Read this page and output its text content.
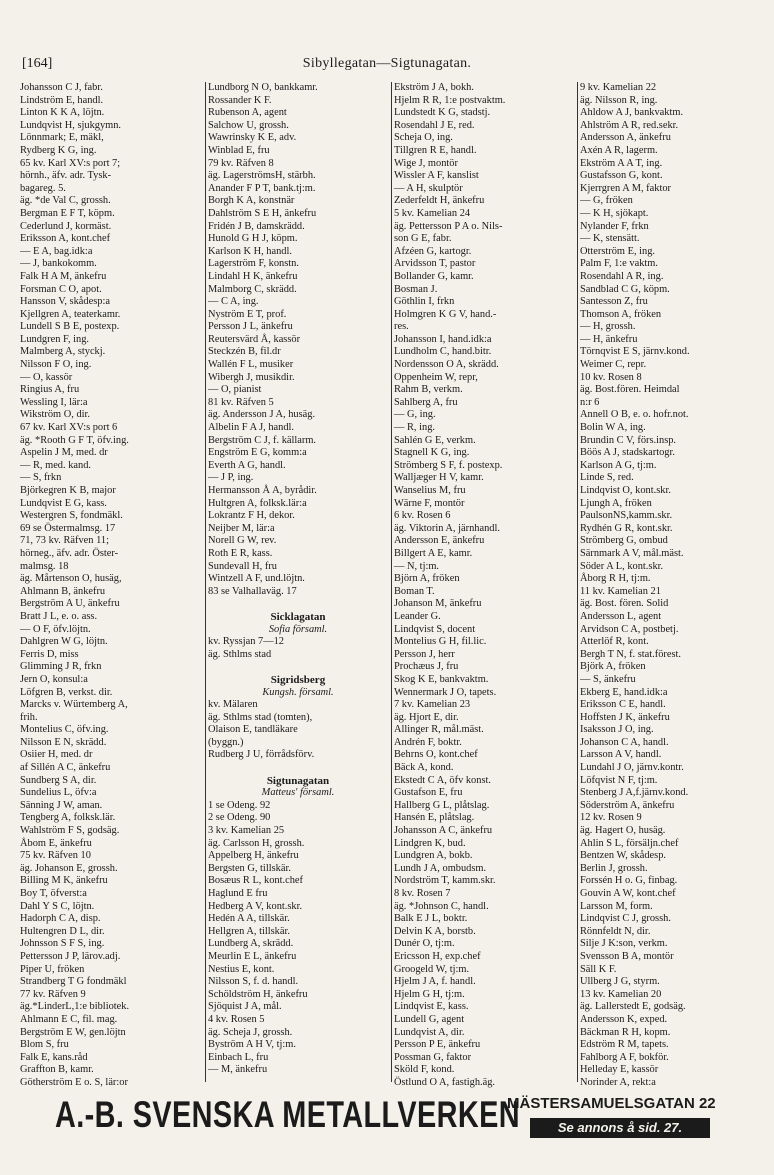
[164]	Sibyllegatan—Sigtunagatan.
Johansson C J, fabr.
Lindström E, handl.
Linton K K A, löjtn.
Lundqvist H, sjukgymn.
Lönnmark; E, mäkl,
Rydberg K G, ing.
65 kv. Karl XV:s port 7;
hörnh., äfv. adr. Tysk-
bagareg. 5.
äg. *de Val C, grossh.
Bergman E F T, köpm.
Cederlund J, kormäst.
Eriksson A, kont.chef
— E A, bag.idk:a
— J, bankokomm.
Falk H A M, änkefru
Forsman C O, apot.
Hansson V, skådesp:a
Kjellgren A, teaterkamr.
Lundell S B E, postexp.
Lundgren F, ing.
Malmberg A, styckj.
Nilsson F O, ing.
— O, kassör
Ringius A, fru
Wessling I, lär:a
Wikström O, dir.
67 kv. Karl XV:s port 6
äg. *Rooth G F T, öfv.ing.
Aspelin J M, med. dr
— R, med. kand.
— S, frkn
Björkegren K B, major
Lundqvist E G, kass.
Westergren S, fondmäkl.
69 se Östermalmsg. 17
71, 73 kv. Räfven 11;
hörneg., äfv. adr. Öster-
malmsg. 18
äg. Mårtenson O, husäg,
Ahlmann B, änkefru
Bergström A U, änkefru
Bratt J L, e. o. ass.
— O F, öfv.löjtn.
Dahlgren W G, löjtn.
Ferris D, miss
Glimming J R, frkn
Jern O, konsul:a
Löfgren B, verkst. dir.
Marcks v. Würtemberg A,
frih.
Montelius C, öfv.ing.
Nilsson E N, skrädd.
Osiier H, med. dr
af Sillén A C, änkefru
Sundberg S A, dir.
Sundelius L, öfv:a
Sänning J W, aman.
Tengberg A, folksk.lär.
Wahlström F S, godsäg.
Åbom E, änkefru
75 kv. Räfven 10
äg. Johanson E, grossh.
Billing M K, änkefru
Boy T, öfverst:a
Dahl Y S C, löjtn.
Hadorph C A, disp.
Hultengren D L, dir.
Johnsson S F S, ing.
Pettersson J P, lärov.adj.
Piper U, fröken
Strandberg T G fondmäkl
77 kv. Räfven 9
äg.*LinderL,1:e bibliotek.
Ahlmann E C, fil. mag.
Bergström E W, gen.löjtn
Blom S, fru
Falk E, kans.råd
Graffton B, kamr.
Götherström E o. S, lär:or
Lundborg N O, bankkamr.
Rossander K F.
Rubenson A, agent
Salchow U, grossh.
Wawrinsky K E, adv.
Winblad E, fru
79 kv. Räfven 8
äg. LagerströmsH, stärbh.
Anander F P T, bank.tj:m.
Borgh K A, konstnär
Dahlström S E H, änkefru
Fridén J B, damskrädd.
Hunold G H J, köpm.
Karlson K H, handl.
Lagerström F, konstn.
Lindahl H K, änkefru
Malmborg C, skrädd.
— C A, ing.
Nyström E T, prof.
Persson J L, änkefru
Reutersvärd Å, kassör
Steckzén B, fil.dr
Wallén F L, musiker
Wibergh J, musikdir.
— O, pianist
81 kv. Räfven 5
äg. Andersson J A, husäg.
Albelin F A J, handl.
Bergström C J, f. källarm.
Engström E G, komm:a
Everth A G, handl.
— J P, ing.
Hermansson Å A, byrådir.
Hultgren A, folksk.lär:a
Lokrantz F H, dekor.
Neijber M, lär:a
Norell G W, rev.
Roth E R, kass.
Sundevall H, fru
Wintzell A F, und.löjtn.
83 se Valhallaväg. 17
Sicklagatan
Sofia församl.
kv. Ryssjan 7—12
äg. Sthlms stad
Sigridsberg
Kungsh. församl.
kv. Mälaren
äg. Sthlms stad (tomten),
Olaison E, tandläkare
(byggn.)
Rudberg J U, förrådsförv.
Sigtunagatan
Matteus' församl.
1 se Odeng. 92
2 se Odeng. 90
3 kv. Kamelian 25
äg. Carlsson H, grossh.
Appelberg H, änkefru
Bergsten G, tillskär.
Bosæus R L, kont.chef
Haglund E fru
Hedberg A V, kont.skr.
Hedén A A, tillskär.
Hellgren A, tillskär.
Lundberg A, skrädd.
Meurlin E L, änkefru
Nestius E, kont.
Nilsson S, f. d. handl.
Schöldström H, änkefru
Sjöquist J A, mål.
4 kv. Rosen 5
äg. Scheja J, grossh.
Byström A H V, tj:m.
Einbach L, fru
— M, änkefru
Ekström J A, bokh.
Hjelm R R, 1:e postvaktm.
Lundstedt K G, stadstj.
Rosendahl J E, red.
Scheja O, ing.
Tillgren R E, handl.
Wige J, montör
Wissler A F, kanslist
— A H, skulptör
Zederfeldt H, änkefru
5 kv. Kamelian 24
äg. Pettersson P A o. Nils-
son G E, fabr.
Afzéen G, kartogr.
Arvidsson T, pastor
Bollander G, kamr.
Bosman J.
Göthlin I, frkn
Holmgren K G V, hand.-
res.
Johansson I, hand.idk:a
Lundholm C, hand.bitr.
Nordensson O A, skrädd.
Oppenheim W, repr,
Rahm B, verkm.
Sahlberg A, fru
— G, ing.
— R, ing.
Sahlén G E, verkm.
Stagnell K G, ing.
Strömberg S F, f. postexp.
Walljæger H V, kamr.
Wanselius M, fru
Wärne F, montör
6 kv. Rosen 6
äg. Viktorin A, järnhandl.
Andersson E, änkefru
Billgert A E, kamr.
— N, tj:m.
Björn A, fröken
Boman T.
Johanson M, änkefru
Leander G.
Lindqvist S, docent
Montelius G H, fil.lic.
Persson J, herr
Prochæus J, fru
Skog K E, bankvaktm.
Wennermark J O, tapets.
7 kv. Kamelian 23
äg. Hjort E, dir.
Allinger R, mål.mäst.
Andrén F, boktr.
Behrns O, kont.chef
Bäck A, kond.
Ekstedt C A, öfv konst.
Gustafson E, fru
Hallberg G L, plåtslag.
Hansén E, plåtslag.
Johansson A C, änkefru
Lindgren K, bud.
Lundgren A, bokb.
Lundh J A, ombudsm.
Nordström T, kamm.skr.
8 kv. Rosen 7
äg. *Johnson C, handl.
Balk E J L, boktr.
Delvin K A, borstb.
Dunér O, tj:m.
Ericsson H, exp.chef
Groogeld W, tj:m.
Hjelm J A, f. handl.
Hjelm G H, tj:m.
Lindqvist E, kass.
Lundell G, agent
Lundqvist A, dir.
Persson P E, änkefru
Possman G, faktor
Sköld F, kond.
Östlund O A, fastigh.äg.
9 kv. Kamelian 22
äg. Nilsson R, ing.
Ahldow A J, bankvaktm.
Ahlström A R, red.sekr.
Andersson A, änkefru
Axén A R, lagerm.
Ekström A A T, ing.
Gustafsson G, kont.
Kjerrgren A M, faktor
— G, fröken
— K H, sjökapt.
Nylander F, frkn
— K, stensätt.
Otterström E, ing.
Palm F, 1:e vaktm.
Rosendahl A R, ing.
Sandblad C G, köpm.
Santesson Z, fru
Thomson A, fröken
— H, grossh.
— H, änkefru
Törnqvist E S, järnv.kond.
Weimer C, repr.
10 kv. Rosen 8
äg. Bost.fören. Heimdal
n:r 6
Annell O B, e. o. hofr.not.
Bolin W A, ing.
Brundin C V, förs.insp.
Böös A J, stadskartogr.
Karlson A G, tj:m.
Linde S, red.
Lindqvist O, kont.skr.
Ljungh A, fröken
PaulsonNS,kamm.skr.
Rydhén G R, kont.skr.
Strömberg G, ombud
Särnmark A V, mål.mäst.
Söder A L, kont.skr.
Åborg R H, tj:m.
11 kv. Kamelian 21
äg. Bost. fören. Solid
Andersson L, agent
Arvidson C A, postbetj.
Atterlöf R, kont.
Bergh T N, f. stat.förest.
Björk A, fröken
— S, änkefru
Ekberg E, hand.idk:a
Eriksson C E, handl.
Hoffsten J K, änkefru
Isaksson J O, ing.
Johanson C A, handl.
Larsson A V, handl.
Lundahl J O, järnv.kontr.
Löfqvist N F, tj:m.
Stenberg J A,f.järnv.kond.
Söderström A, änkefru
12 kv. Rosen 9
äg. Hagert O, husäg.
Ahlin S L, försäljn.chef
Bentzen W, skådesp.
Berlin J, grossh.
Forssén H o. G, finbag.
Gouvin A W, kont.chef
Larsson M, form.
Lindqvist C J, grossh.
Rönnfeldt N, dir.
Silje J K:son, verkm.
Svensson B A, montör
Säll K F.
Ullberg J G, styrm.
13 kv. Kamelian 20
äg. Lallerstedt E, godsäg.
Andersson K, exped.
Bäckman R H, kopm.
Edström R M, tapets.
Fahlborg A F, bokför.
Helleday E, kassör
Norinder A, rekt:a
A.-B. SVENSKA METALLVERKEN
MÄSTERSAMUELSGATAN 22
Se annons å sid. 27.
